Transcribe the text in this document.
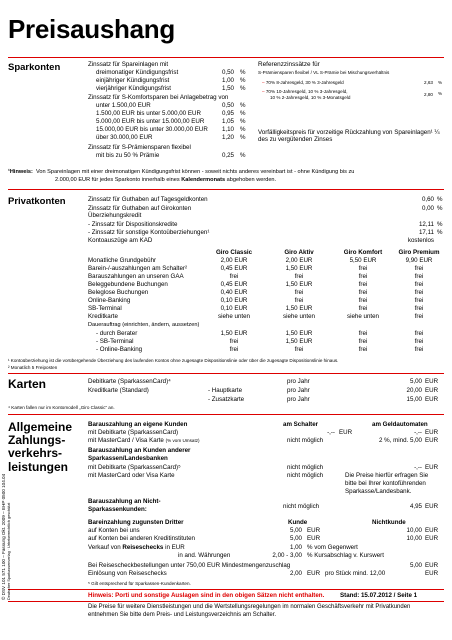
Preisaushang
Sparkonten	Zinssatz für Spareinlagen mit
dreimonatiger Kündigungsfrist	0,50 %
einjähriger Kündigungsfrist	1,00 %
vierjähriger Kündigungsfrist	1,50 %
Zinssatz für S-Komfortsparen bei Anlagebetrag von
unter 1.500,00 EUR	0,50 %
1.500,00 EUR bis unter 5.000,00 EUR	0,95 %
5.000,00 EUR bis unter 15.000,00 EUR	1,05 %
15.000,00 EUR bis unter 30.000,00 EUR	1,10 %
über 30.000,00 EUR	1,20 %
Zinssatz für S-Prämiensparen flexibel
mit bis zu 50 % Prämie	0,25 %
Referenzzinssätze für
S-Prämiensparen flexibel / VL S-Prämie bei Mischungsverhältnis
– 70% 8-Jahresgeld, 30 % 3-Jahresgeld	2,63 %
– 70% 10-Jahresgeld, 10 % 3-Jahresgeld,
10 % 2-Jahresgeld, 10 % 3-Monatsgeld
2,80 %
Vorfälligkeitspreis für vorzeitige Rückzahlung von Spareinlagen¹ ¼ des zu vergütenden Zinses
¹Hinweis: Von Spareinlagen mit einer dreimonatigen Kündigungsfrist können - soweit nichts anderes vereinbart ist - ohne Kündigung bis zu
2.000,00 EUR für jedes Sparkonto innerhalb eines Kalendermonats abgehoben werden.
Privatkonten	Zinssatz für Guthaben auf Tagesgeldkonten	0,60 %
Zinssatz für Guthaben auf Girokonten	0,00 %
Überziehungskredit
- Zinssatz für Dispositionskredite	12,11 %
- Zinssatz für sonstige Kontoüberziehungen¹	17,11 %
Kontoauszüge am KAD	kostenlos
Giro Classic	Giro Aktiv	Giro Komfort	Giro Premium
Monatliche Grundgebühr	2,00 EUR	2,00 EUR	5,50 EUR	9,90 EUR
Barein-/-auszahlungen am Schalter²	0,45 EUR	1,50 EUR	frei	frei
Barauszahlungen an unseren GAA	frei	frei	frei	frei
Beleggebundene Buchungen	0,45 EUR	1,50 EUR	frei	frei
Beleglose Buchungen	0,40 EUR	frei	frei	frei
Online-Banking	0,10 EUR	frei	frei	frei
SB-Terminal	0,10 EUR	1,50 EUR	frei	frei
Kreditkarte	siehe unten	siehe unten	siehe unten	frei
Dauerauftrag (einrichten, ändern, aussetzen)
- durch Berater	1,50 EUR	1,50 EUR	frei	frei
- SB-Terminal	frei	1,50 EUR	frei	frei
- Online-Banking	frei	frei	frei	frei
¹ Kontoüberziehung ist die vorübergehende Überziehung des laufenden Kontos ohne zugesagte Dispositionslinie oder über die zugesagte Dispositionslinie hinaus.
² Monatlich 5 Freiposten
Karten	Debitkarte (SparkassenCard)⁴	pro Jahr	5,00 EUR
Kreditkarte (Standard)	- Hauptkarte	pro Jahr	20,00 EUR
- Zusatzkarte	pro Jahr	15,00 EUR
⁴ Karten fallen nur im Kontomodell „Giro Classic“ an.
Allgemeine
Zahlungs-
verkehrs-
leistungen
Barauszahlung an eigene Kunden	am Schalter	am Geldautomaten
mit Debitkarte (SparkassenCard)	-,-- EUR	-,-- EUR
mit MasterCard / Visa Karte (% vom Umsatz)	nicht möglich	2 %, mind. 5,00 EUR
Barauszahlung an Kunden anderer
Sparkassen/Landesbanken
mit Debitkarte (SparkassenCard)⁵	nicht möglich	-,-- EUR
mit MasterCard oder Visa Karte	nicht möglich	Die Preise hierfür erfragen Sie
bitte bei Ihrer kontoführenden
Sparkasse/Landesbank.
Barauszahlung an Nicht-
Sparkassenkunden:	nicht möglich	4,95 EUR
Bareinzahlung zugunsten Dritter	Kunde	Nichtkunde
auf Konten bei uns	5,00 EUR	10,00 EUR
auf Konten bei anderen Kreditinstituten	5,00 EUR	10,00 EUR
Verkauf von Reiseschecks in EUR	1,00 % vom Gegenwert
in and. Währungen	2,00 - 3,00 % Kursabschlag v. Kurswert
Bei Reisescheckbestellungen unter 750,00 EUR Mindestmengenzuschlag	5,00 EUR
Einlösung von Reiseschecks	2,00 EUR pro Stück mind. 12,00	EUR
⁵ Gilt entsprechend für Sparkassen-Kundenkarten.
Hinweis: Porti und sonstige Auslagen sind in den obigen Sätzen nicht enthalten.	Stand: 15.07.2012 / Seite 1
Die Preise für weitere Dienstleistungen und die Wertstellungsregelungen im normalen Geschäftsverkehr mit Privatkunden
entnehmen Sie bitte dem Preis- und Leistungsverzeichnis am Schalter.
© DSV 101 571 100 – Fassung Okt. 2009 – EHP 0500 104.04 Deutscher Sparkassenverlag · Urheberrechtlich geschützt
